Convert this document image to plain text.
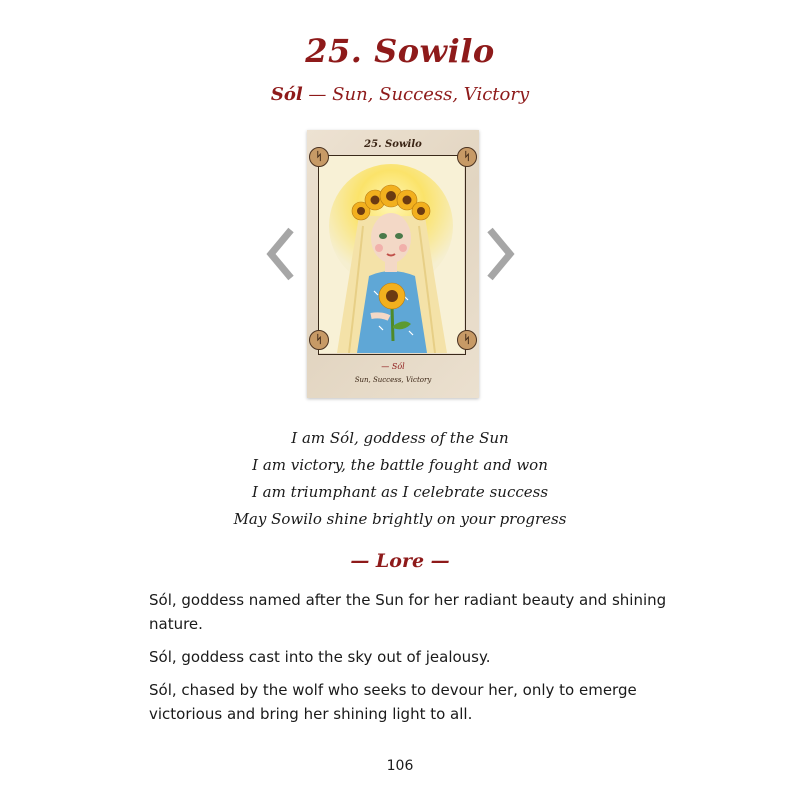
25. Sowilo
Sól — Sun, Success, Victory
25. Sowilo
ᛋ	ᛋ
ᛋ	ᛋ
— Sól
Sun, Success, Victory
I am Sól, goddess of the Sun
I am victory, the battle fought and won
I am triumphant as I celebrate success
May Sowilo shine brightly on your progress
— Lore —

Sól, goddess named after the Sun for her radiant beauty and shining nature.

Sól, goddess cast into the sky out of jealousy.

Sól, chased by the wolf who seeks to devour her, only to emerge victorious and bring her shining light to all.

106
